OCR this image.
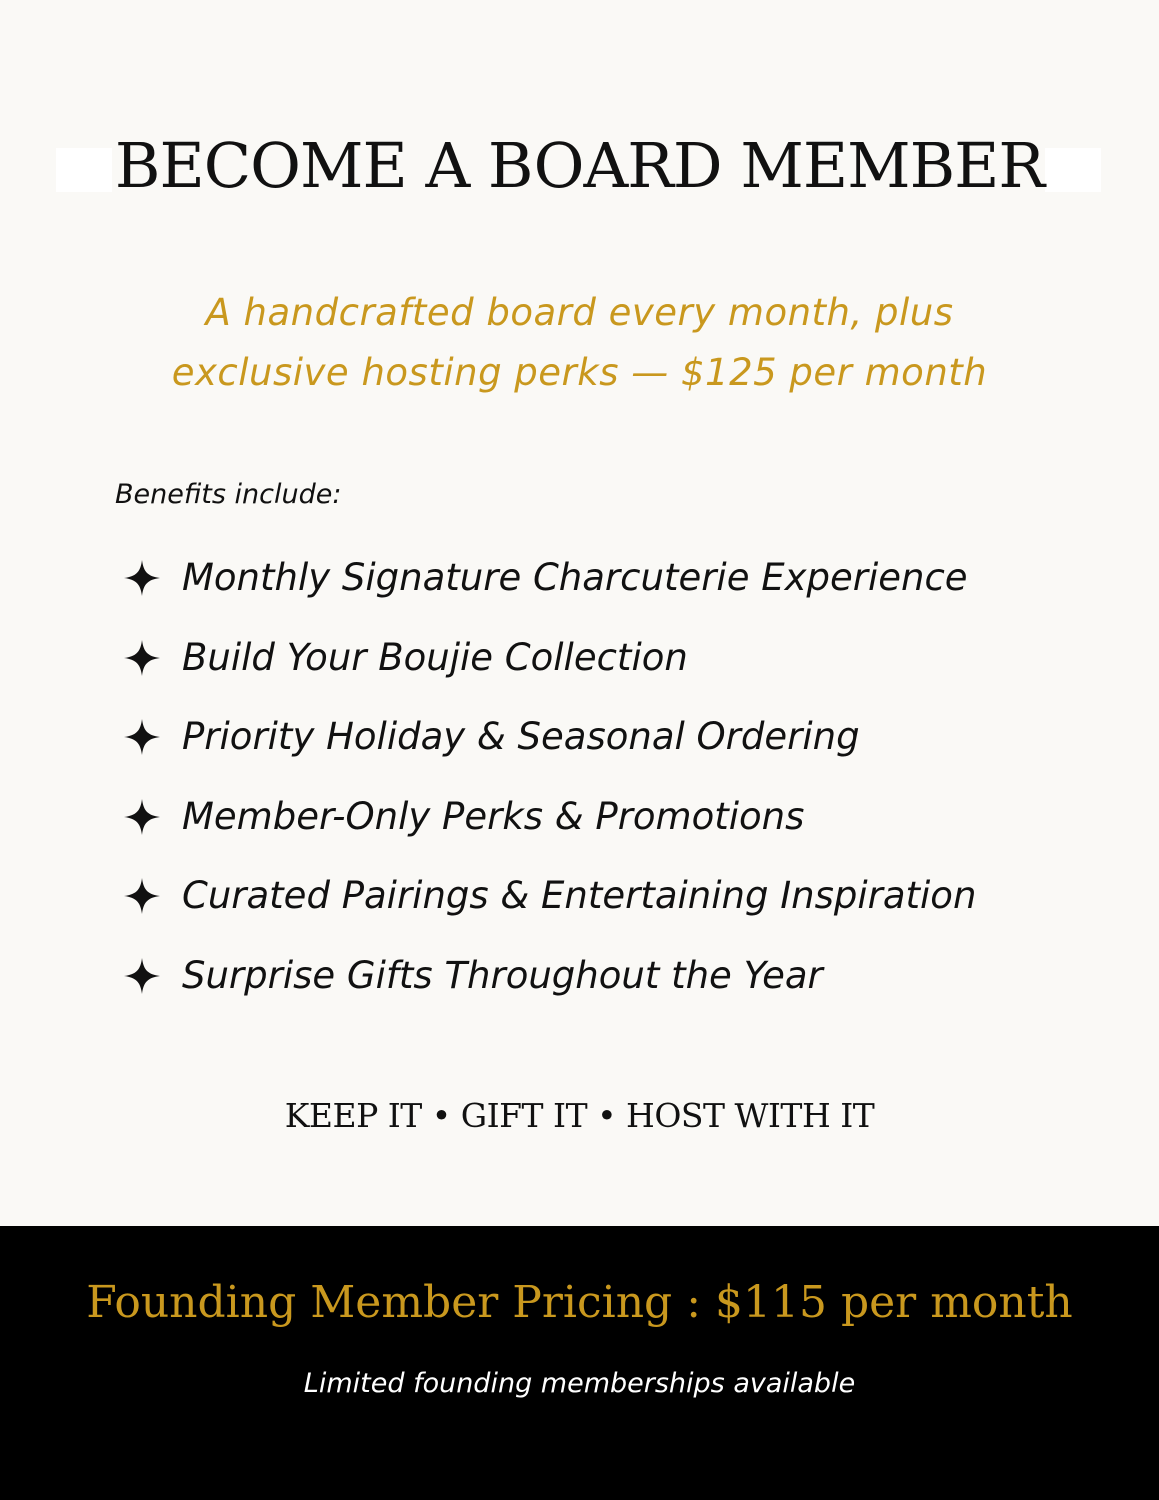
BECOME A BOARD MEMBER
A handcrafted board every month, plus
exclusive hosting perks — $125 per month
Benefits include:
Monthly Signature Charcuterie Experience
Build Your Boujie Collection
Priority Holiday & Seasonal Ordering
Member-Only Perks & Promotions
Curated Pairings & Entertaining Inspiration
Surprise Gifts Throughout the Year
KEEP IT • GIFT IT • HOST WITH IT
Founding Member Pricing : $115 per month
Limited founding memberships available
